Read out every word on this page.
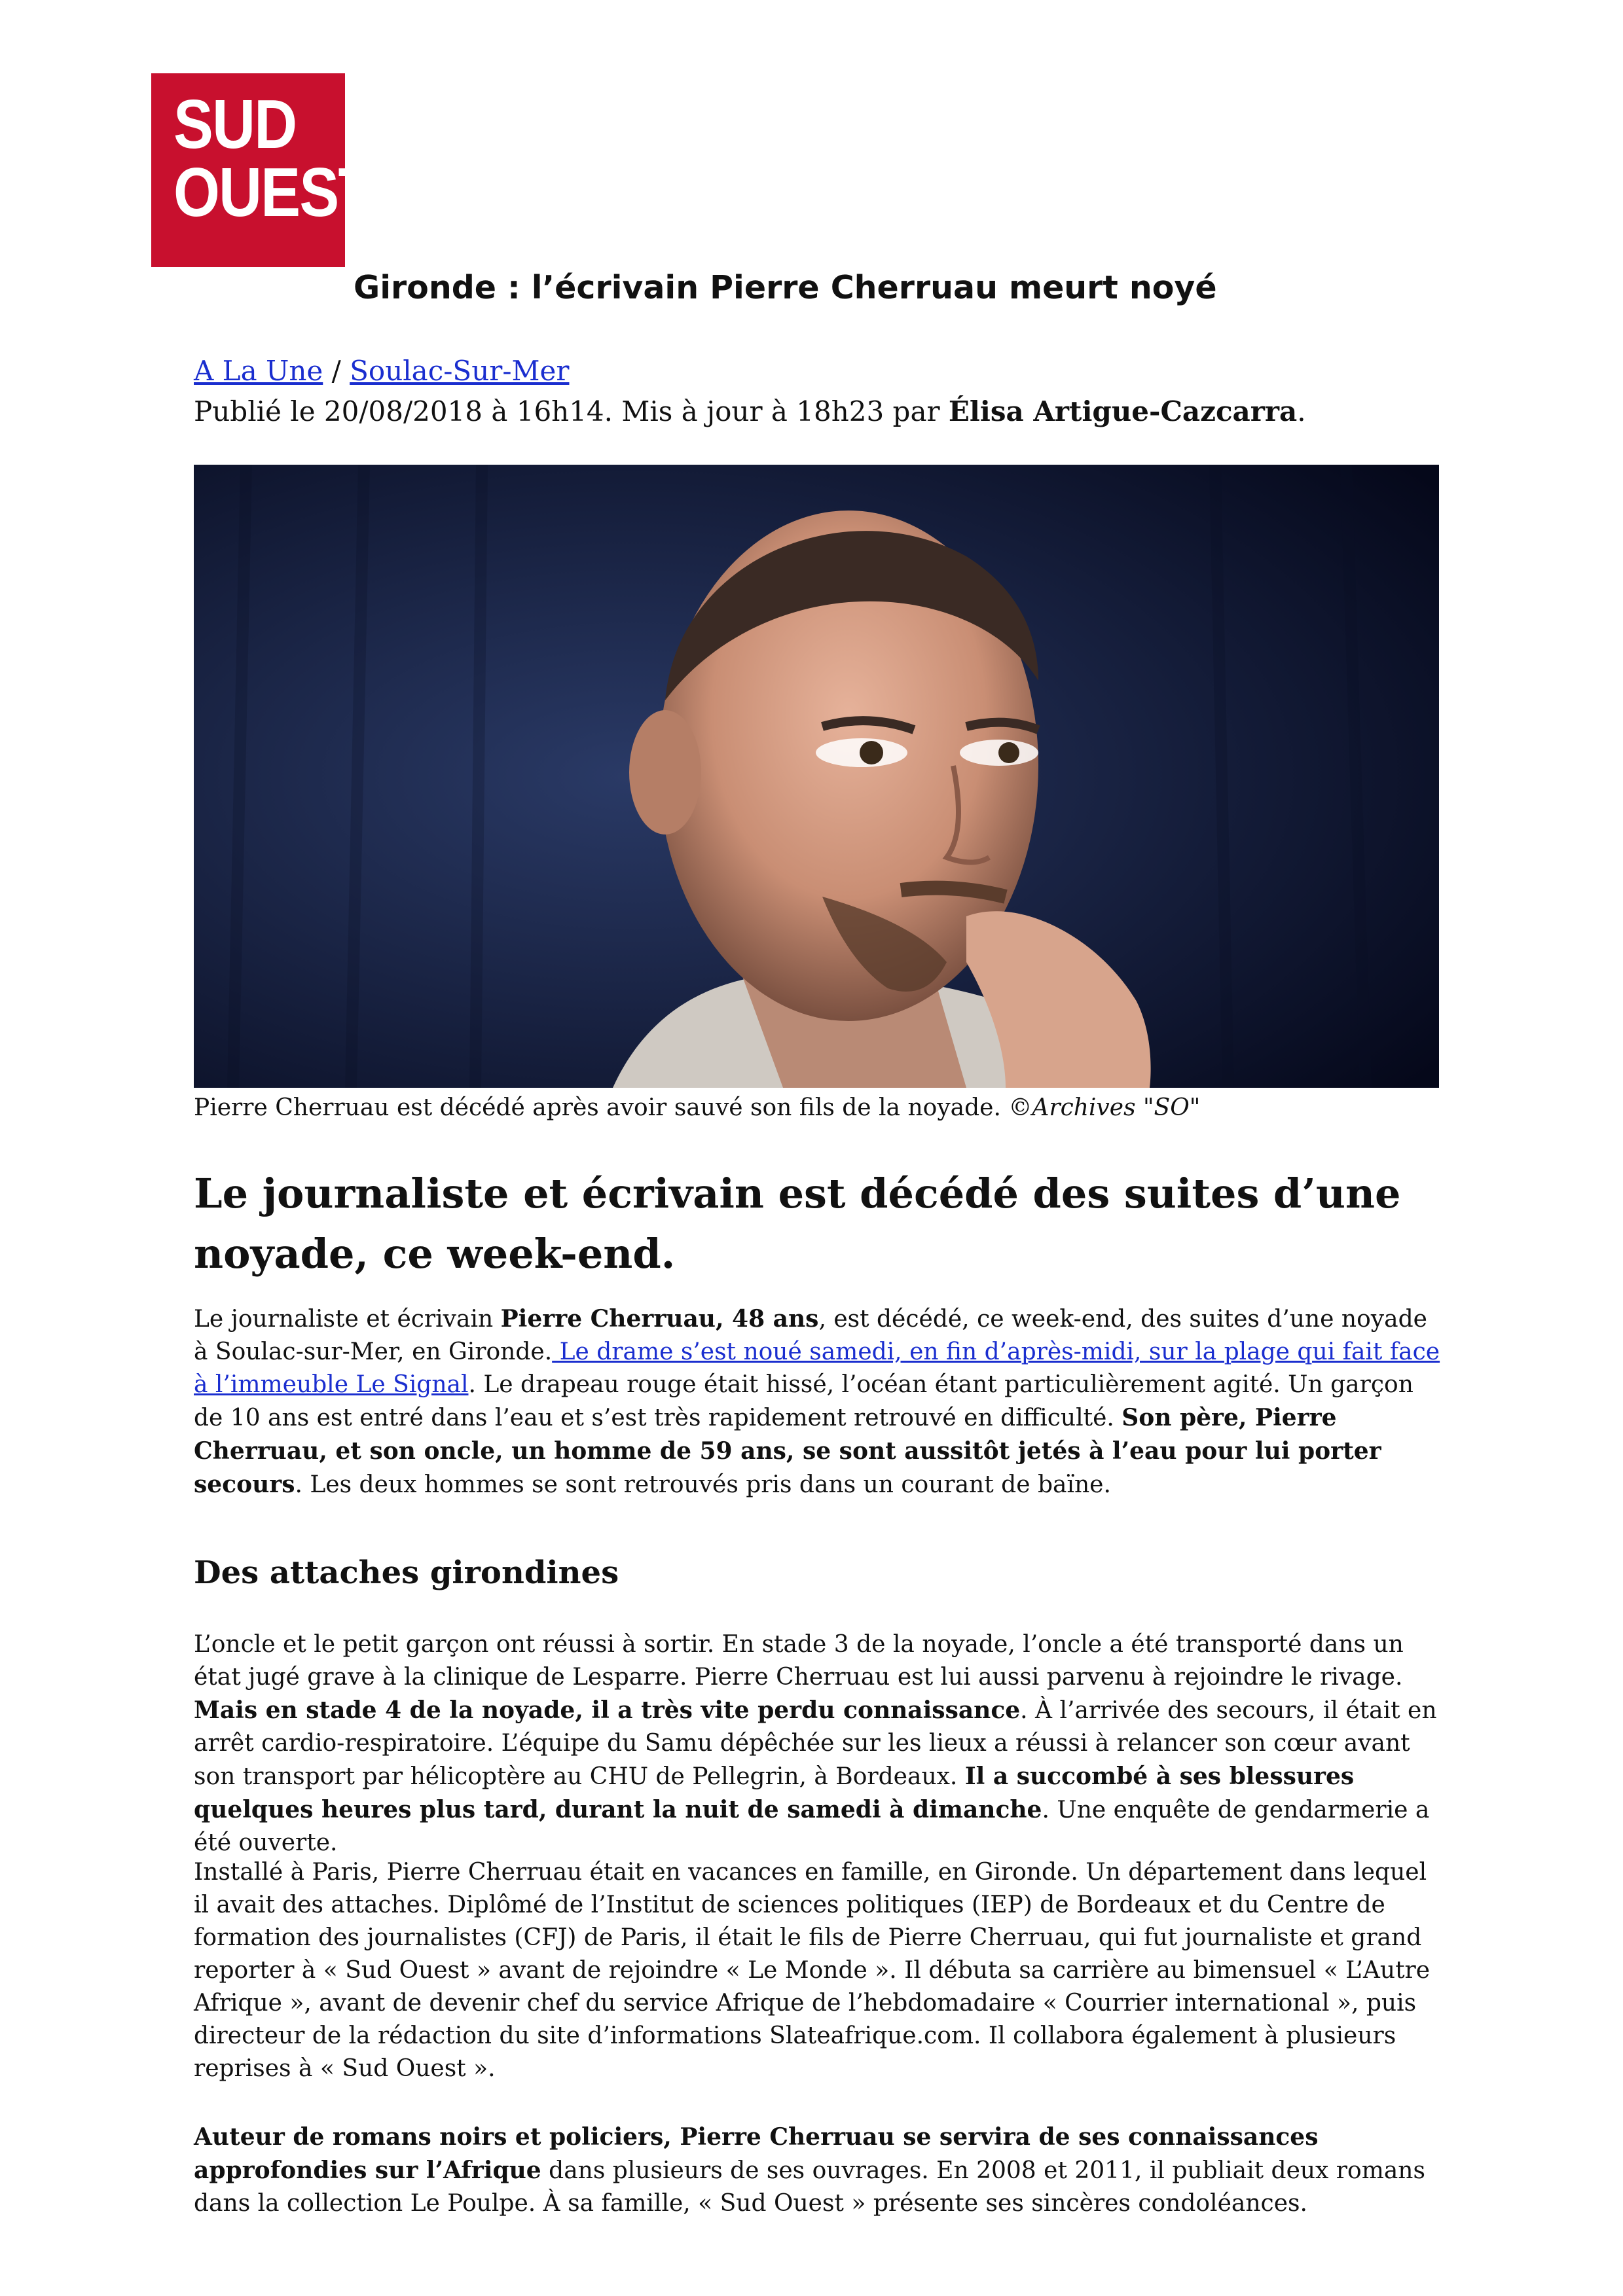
SUD
OUEST
Gironde : l’écrivain Pierre Cherruau meurt noyé
A La Une / Soulac-Sur-Mer
Publié le 20/08/2018 à 16h14. Mis à jour à 18h23 par Élisa Artigue-Cazcarra.
Pierre Cherruau est décédé après avoir sauvé son fils de la noyade. ©Archives "SO"
Le journaliste et écrivain est décédé des suites d’une noyade, ce week-end.

Le journaliste et écrivain Pierre Cherruau, 48 ans, est décédé, ce week-end, des suites d’une noyade à Soulac-sur-Mer, en Gironde. Le drame s’est noué samedi, en fin d’après-midi, sur la plage qui fait face à l’immeuble Le Signal. Le drapeau rouge était hissé, l’océan étant particulièrement agité. Un garçon de 10 ans est entré dans l’eau et s’est très rapidement retrouvé en difficulté. Son père, Pierre Cherruau, et son oncle, un homme de 59 ans, se sont aussitôt jetés à l’eau pour lui porter secours. Les deux hommes se sont retrouvés pris dans un courant de baïne.

Des attaches girondines

L’oncle et le petit garçon ont réussi à sortir. En stade 3 de la noyade, l’oncle a été transporté dans un état jugé grave à la clinique de Lesparre. Pierre Cherruau est lui aussi parvenu à rejoindre le rivage. Mais en stade 4 de la noyade, il a très vite perdu connaissance. À l’arrivée des secours, il était en arrêt cardio-respiratoire. L’équipe du Samu dépêchée sur les lieux a réussi à relancer son cœur avant son transport par hélicoptère au CHU de Pellegrin, à Bordeaux. Il a succombé à ses blessures quelques heures plus tard, durant la nuit de samedi à dimanche. Une enquête de gendarmerie a été ouverte.

Installé à Paris, Pierre Cherruau était en vacances en famille, en Gironde. Un département dans lequel il avait des attaches. Diplômé de l’Institut de sciences politiques (IEP) de Bordeaux et du Centre de formation des journalistes (CFJ) de Paris, il était le fils de Pierre Cherruau, qui fut journaliste et grand reporter à « Sud Ouest » avant de rejoindre « Le Monde ». Il débuta sa carrière au bimensuel « L’Autre Afrique », avant de devenir chef du service Afrique de l’hebdomadaire « Courrier international », puis directeur de la rédaction du site d’informations Slateafrique.com. Il collabora également à plusieurs reprises à « Sud Ouest ».

Auteur de romans noirs et policiers, Pierre Cherruau se servira de ses connaissances approfondies sur l’Afrique dans plusieurs de ses ouvrages. En 2008 et 2011, il publiait deux romans dans la collection Le Poulpe. À sa famille, « Sud Ouest » présente ses sincères condoléances.
